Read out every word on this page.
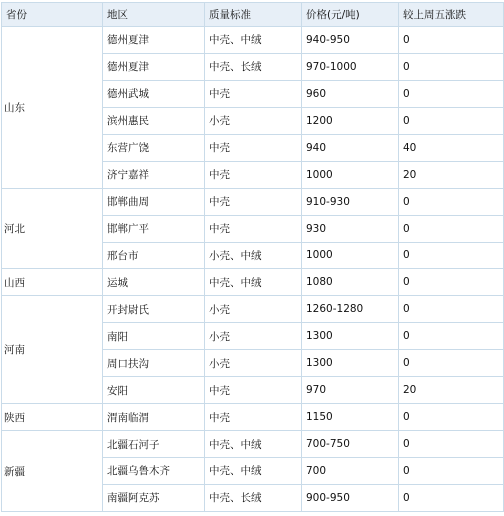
省份	地区	质量标准	价格(元/吨)	较上周五涨跌
山东	德州夏津	中壳、中绒	940-950	0
	德州夏津	中壳、长绒	970-1000	0
	德州武城	中壳	960	0
	滨州惠民	小壳	1200	0
	东营广饶	中壳	940	40
	济宁嘉祥	中壳	1000	20
河北	邯郸曲周	中壳	910-930	0
	邯郸广平	中壳	930	0
	邢台市	小壳、中绒	1000	0
山西	运城	中壳、中绒	1080	0
河南	开封尉氏	小壳	1260-1280	0
	南阳	小壳	1300	0
	周口扶沟	小壳	1300	0
	安阳	中壳	970	20
陕西	渭南临渭	中壳	1150	0
新疆	北疆石河子	中壳、中绒	700-750	0
	北疆乌鲁木齐	中壳、中绒	700	0
	南疆阿克苏	中壳、长绒	900-950	0
